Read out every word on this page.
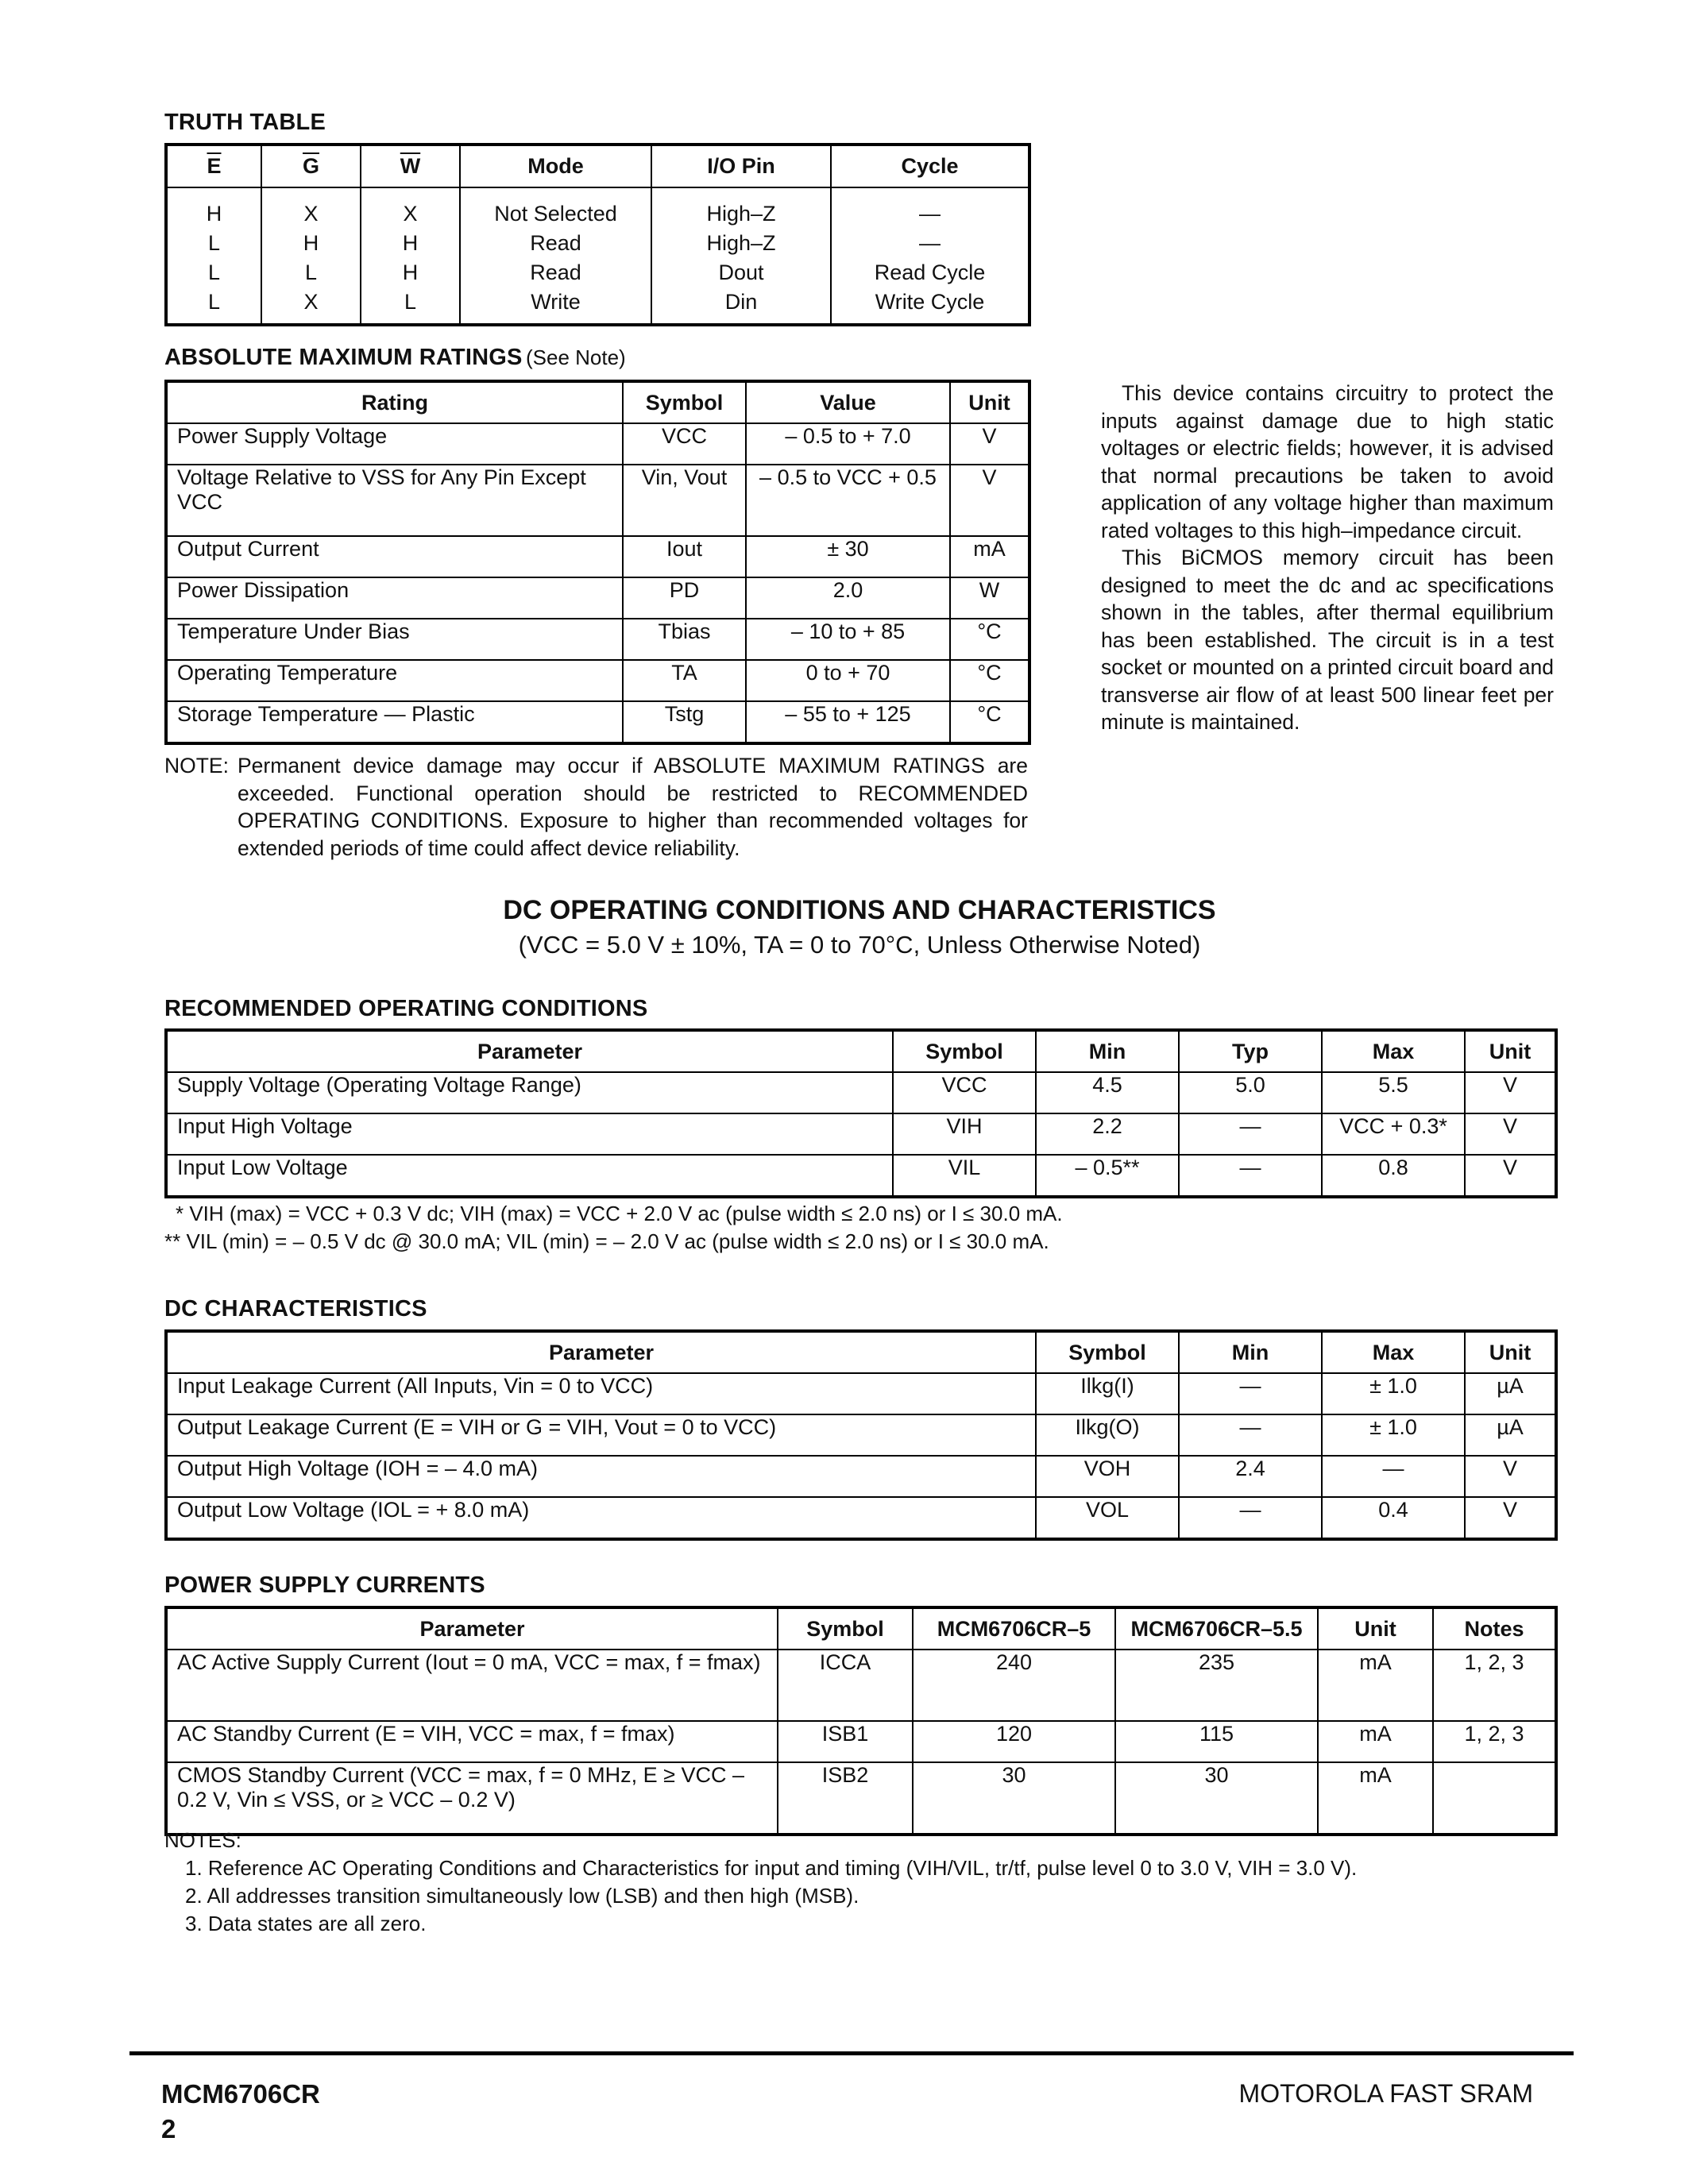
TRUTH TABLE
$\overline{E}$	$\overline{G}$	$\overline{W}$	Mode	I/O Pin	Cycle
H	X	X	Not Selected	High–Z	—
L	H	H	Read	High–Z	—
L	L	H	Read	Dout	Read Cycle
L	X	L	Write	Din	Write Cycle
ABSOLUTE MAXIMUM RATINGS (See Note)
Rating	Symbol	Value	Unit
Power Supply Voltage	VCC	– 0.5 to + 7.0	V
Voltage Relative to VSS for Any Pin Except VCC	Vin, Vout	– 0.5 to VCC + 0.5	V
Output Current	Iout	± 30	mA
Power Dissipation	PD	2.0	W
Temperature Under Bias	Tbias	– 10 to + 85	°C
Operating Temperature	TA	0 to + 70	°C
Storage Temperature — Plastic	Tstg	– 55 to + 125	°C
NOTE: Permanent device damage may occur if ABSOLUTE MAXIMUM RATINGS are exceeded. Functional operation should be restricted to RECOMMENDED OPERATING CONDITIONS. Exposure to higher than recommended voltages for extended periods of time could affect device reliability.

This device contains circuitry to protect the inputs against damage due to high static voltages or electric fields; however, it is advised that normal precautions be taken to avoid application of any voltage higher than maximum rated voltages to this high–impedance circuit.

This BiCMOS memory circuit has been designed to meet the dc and ac specifications shown in the tables, after thermal equilibrium has been established. The circuit is in a test socket or mounted on a printed circuit board and transverse air flow of at least 500 linear feet per minute is maintained.

DC OPERATING CONDITIONS AND CHARACTERISTICS
(VCC = 5.0 V ± 10%, TA = 0 to 70°C, Unless Otherwise Noted)
RECOMMENDED OPERATING CONDITIONS
Parameter	Symbol	Min	Typ	Max	Unit
Supply Voltage (Operating Voltage Range)	VCC	4.5	5.0	5.5	V
Input High Voltage	VIH	2.2	—	VCC + 0.3*	V
Input Low Voltage	VIL	– 0.5**	—	0.8	V
* VIH (max) = VCC + 0.3 V dc; VIH (max) = VCC + 2.0 V ac (pulse width ≤ 2.0 ns) or I ≤ 30.0 mA.
** VIL (min) = – 0.5 V dc @ 30.0 mA; VIL (min) = – 2.0 V ac (pulse width ≤ 2.0 ns) or I ≤ 30.0 mA.
DC CHARACTERISTICS
Parameter	Symbol	Min	Max	Unit
Input Leakage Current (All Inputs, Vin = 0 to VCC)	Ilkg(I)	—	± 1.0	µA
Output Leakage Current (E = VIH or G = VIH, Vout = 0 to VCC)	Ilkg(O)	—	± 1.0	µA
Output High Voltage (IOH = – 4.0 mA)	VOH	2.4	—	V
Output Low Voltage (IOL = + 8.0 mA)	VOL	—	0.4	V
POWER SUPPLY CURRENTS
Parameter	Symbol	MCM6706CR–5	MCM6706CR–5.5	Unit	Notes
AC Active Supply Current (Iout = 0 mA, VCC = max, f = fmax)	ICCA	240	235	mA	1, 2, 3
AC Standby Current (E = VIH, VCC = max, f = fmax)	ISB1	120	115	mA	1, 2, 3
CMOS Standby Current (VCC = max, f = 0 MHz, E ≥ VCC – 0.2 V, Vin ≤ VSS, or ≥ VCC – 0.2 V)	ISB2	30	30	mA	
NOTES:
1. Reference AC Operating Conditions and Characteristics for input and timing (VIH/VIL, tr/tf, pulse level 0 to 3.0 V, VIH = 3.0 V).
2. All addresses transition simultaneously low (LSB) and then high (MSB).
3. Data states are all zero.
MCM6706CR
2
MOTOROLA FAST SRAM
